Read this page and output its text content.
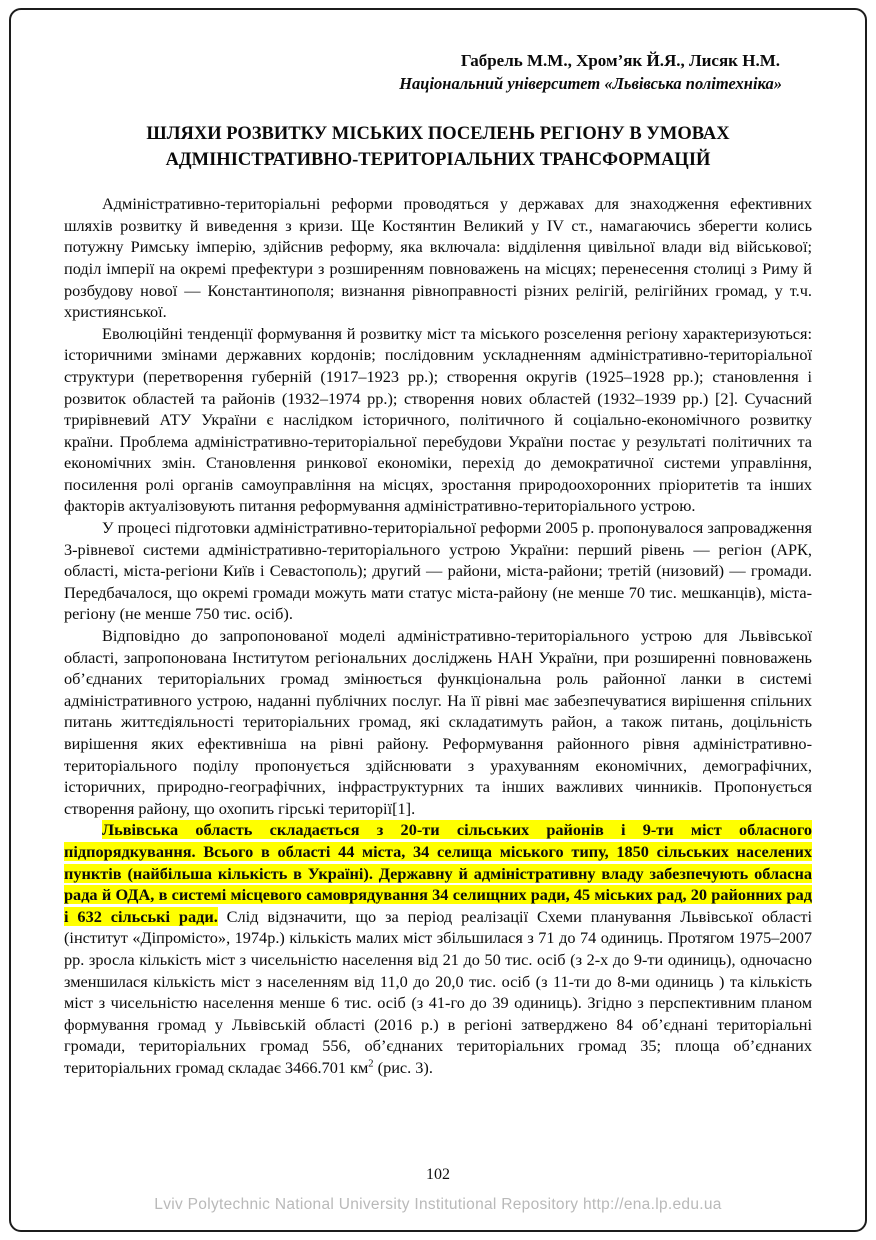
Габрель М.М., Хром’як Й.Я., Лисяк Н.М.
Національний університет «Львівська політехніка»
ШЛЯХИ РОЗВИТКУ МІСЬКИХ ПОСЕЛЕНЬ РЕГІОНУ В УМОВАХ
АДМІНІСТРАТИВНО-ТЕРИТОРІАЛЬНИХ ТРАНСФОРМАЦІЙ

Адміністративно-територіальні реформи проводяться у державах для знаходження ефективних шляхів розвитку й виведення з кризи. Ще Костянтин Великий у IV ст., намагаючись зберегти колись потужну Римську імперію, здійснив реформу, яка включала: відділення цивільної влади від військової; поділ імперії на окремі префектури з розширенням повноважень на місцях; перенесення столиці з Риму й розбудову нової — Константинополя; визнання рівноправності різних релігій, релігійних громад, у т.ч. християнської.

Еволюційні тенденції формування й розвитку міст та міського розселення регіону характеризуються: історичними змінами державних кордонів; послідовним ускладненням адміністративно-територіальної структури (перетворення губерній (1917–1923 рр.); створення округів (1925–1928 рр.); становлення і розвиток областей та районів (1932–1974 рр.); створення нових областей (1932–1939 рр.) [2]. Сучасний трирівневий АТУ України є наслідком історичного, політичного й соціально-економічного розвитку країни. Проблема адміністративно-територіальної перебудови України постає у результаті політичних та економічних змін. Становлення ринкової економіки, перехід до демократичної системи управління, посилення ролі органів самоуправління на місцях, зростання природоохоронних пріоритетів та інших факторів актуалізовують питання реформування адміністративно-територіального устрою.

У процесі підготовки адміністративно-територіальної реформи 2005 р. пропонувалося запровадження 3-рівневої системи адміністративно-територіального устрою України: перший рівень — регіон (АРК, області, міста-регіони Київ і Севастополь); другий — райони, міста-райони; третій (низовий) — громади. Передбачалося, що окремі громади можуть мати статус міста-району (не менше 70 тис. мешканців), міста-регіону (не менше 750 тис. осіб).

Відповідно до запропонованої моделі адміністративно-територіального устрою для Львівської області, запропонована Інститутом регіональних досліджень НАН України, при розширенні повноважень об’єднаних територіальних громад змінюється функціональна роль районної ланки в системі адміністративного устрою, наданні публічних послуг. На її рівні має забезпечуватися вирішення спільних питань життєдіяльності територіальних громад, які складатимуть район, а також питань, доцільність вирішення яких ефективніша на рівні району. Реформування районного рівня адміністративно-територіального поділу пропонується здійснювати з урахуванням економічних, демографічних, історичних, природно-географічних, інфраструктурних та інших важливих чинників. Пропонується створення району, що охопить гірські території[1].

Львівська область складається з 20-ти сільських районів і 9-ти міст обласного підпорядкування. Всього в області 44 міста, 34 селища міського типу, 1850 сільських населених пунктів (найбільша кількість в Україні). Державну й адміністративну владу забезпечують обласна рада й ОДА, в системі місцевого самоврядування 34 селищних ради, 45 міських рад, 20 районних рад і 632 сільські ради. Слід відзначити, що за період реалізації Схеми планування Львівської області (інститут «Діпромісто», 1974р.) кількість малих міст збільшилася з 71 до 74 одиниць. Протягом 1975–2007 рр. зросла кількість міст з чисельністю населення від 21 до 50 тис. осіб (з 2-х до 9-ти одиниць), одночасно зменшилася кількість міст з населенням від 11,0 до 20,0 тис. осіб (з 11-ти до 8-ми одиниць ) та кількість міст з чисельністю населення менше 6 тис. осіб (з 41-го до 39 одиниць). Згідно з перспективним планом формування громад у Львівській області (2016 р.) в регіоні затверджено 84 об’єднані територіальні громади, територіальних громад 556, об’єднаних територіальних громад 35; площа об’єднаних територіальних громад складає 3466.701 $км^2$ (рис. 3).

102
Lviv Polytechnic National University Institutional Repository http://ena.lp.edu.ua
